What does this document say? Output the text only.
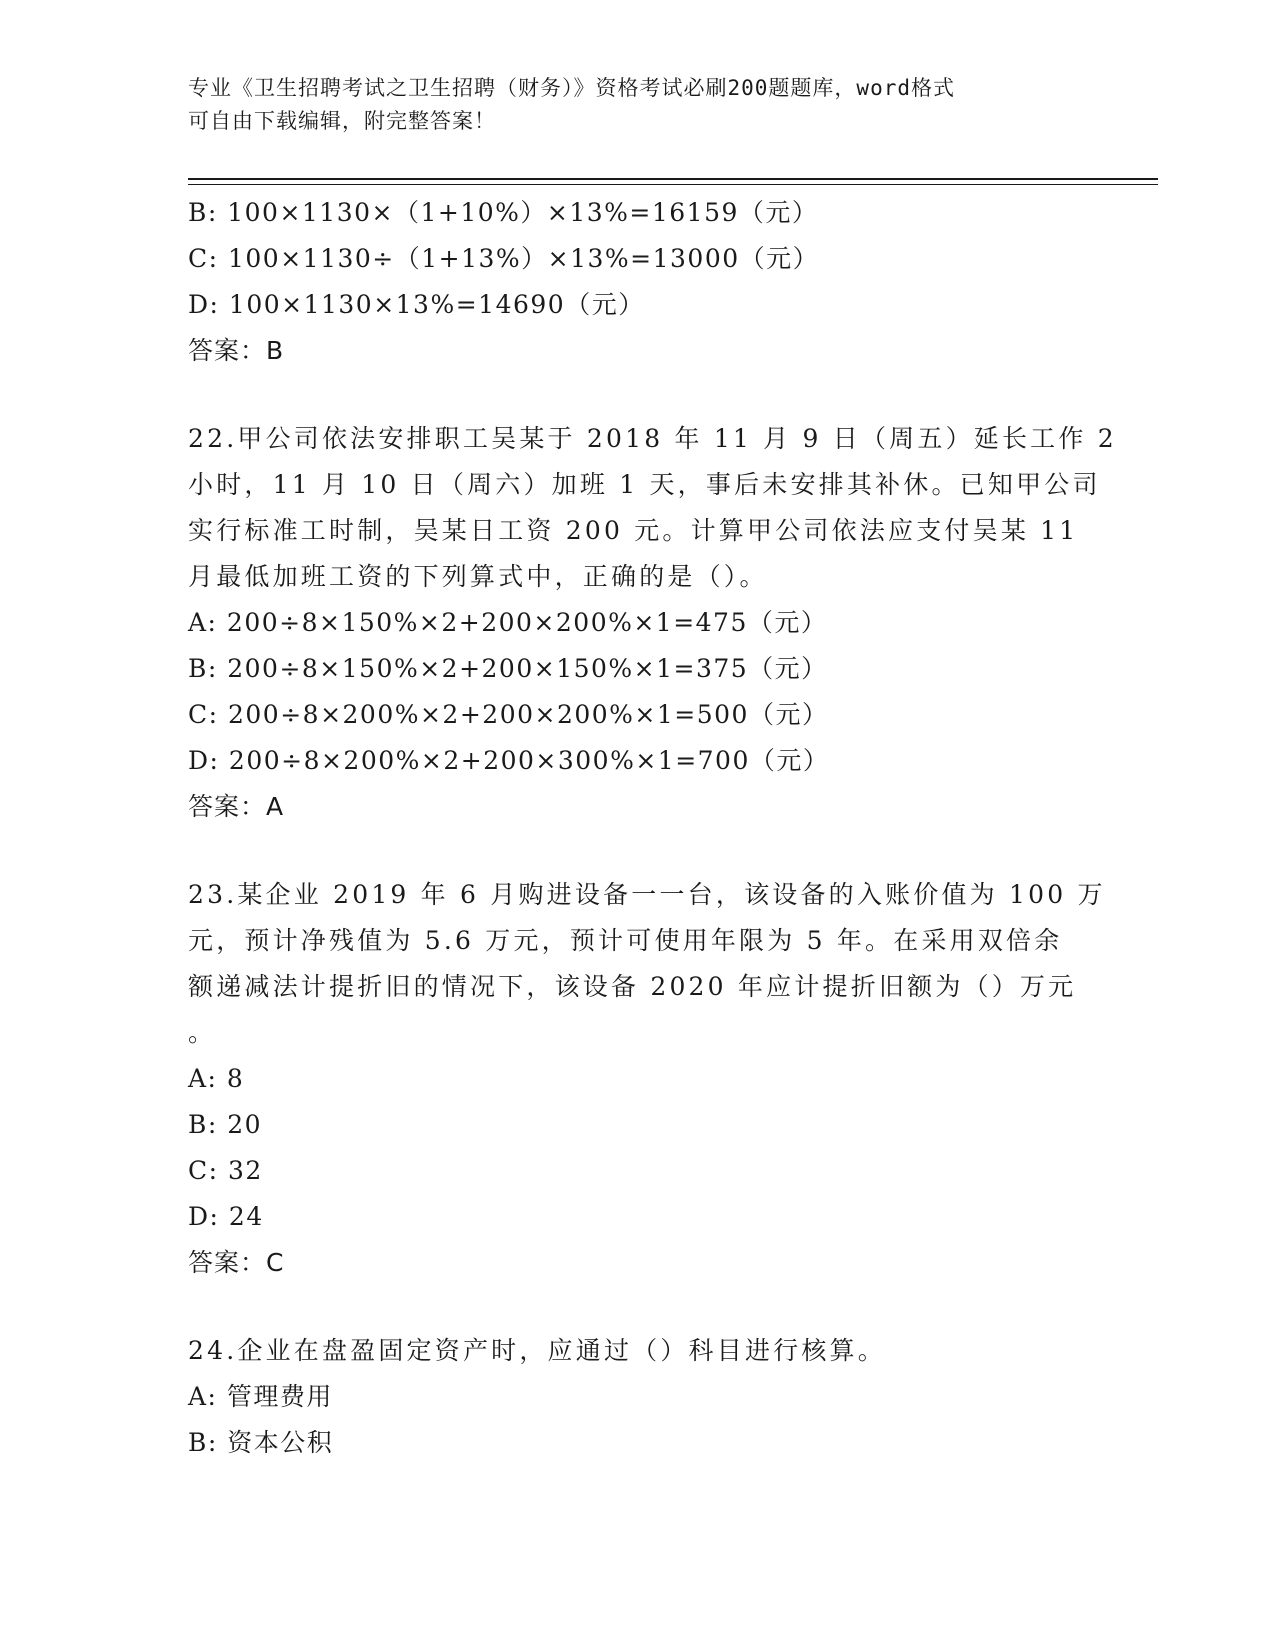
专业《卫生招聘考试之卫生招聘（财务）》资格考试必刷200题题库，word格式
可自由下载编辑，附完整答案！
B: 100×1130×（1+10%）×13%=16159（元）
C: 100×1130÷（1+13%）×13%=13000（元）
D: 100×1130×13%=14690（元）
答案：B
22.甲公司依法安排职工吴某于 2018 年 11 月 9 日（周五）延长工作 2
小时，11 月 10 日（周六）加班 1 天，事后未安排其补休。已知甲公司
实行标准工时制，吴某日工资 200 元。计算甲公司依法应支付吴某 11
月最低加班工资的下列算式中，正确的是（）。
A: 200÷8×150%×2+200×200%×1=475（元）
B: 200÷8×150%×2+200×150%×1=375（元）
C: 200÷8×200%×2+200×200%×1=500（元）
D: 200÷8×200%×2+200×300%×1=700（元）
答案：A
23.某企业 2019 年 6 月购进设备一一台，该设备的入账价值为 100 万
元，预计净残值为 5.6 万元，预计可使用年限为 5 年。在采用双倍余
额递减法计提折旧的情况下，该设备 2020 年应计提折旧额为（）万元
。
A: 8
B: 20
C: 32
D: 24
答案：C
24.企业在盘盈固定资产时，应通过（）科目进行核算。
A: 管理费用
B: 资本公积
